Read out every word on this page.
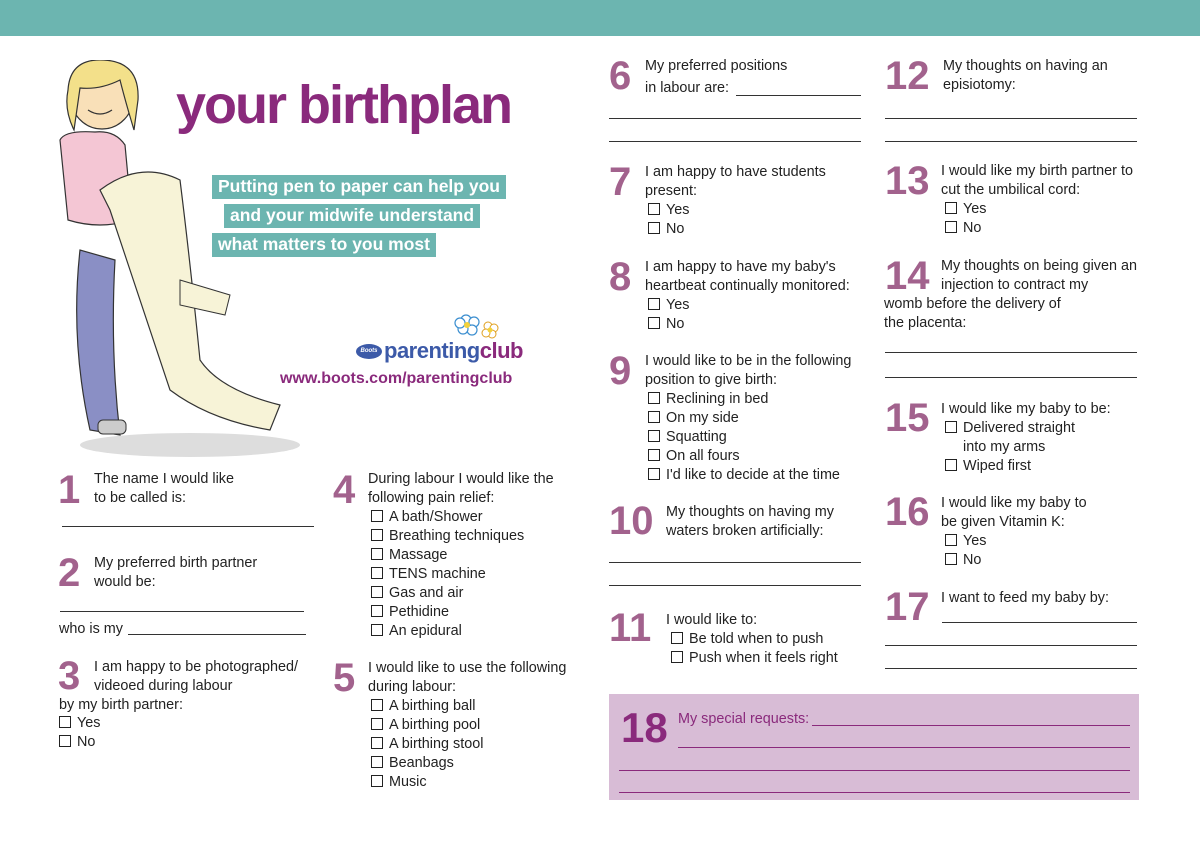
your birthplan
Putting pen to paper can help you
and your midwife understand
what matters to you most
Boots parentingclub
www.boots.com/parentingclub
1 The name I would like to be called is:
2 My preferred birth partner would be:
who is my
3 I am happy to be photographed/ videoed during labour
by my birth partner:
Yes
No
4 During labour I would like the following pain relief:
A bath/Shower
Breathing techniques
Massage
TENS machine
Gas and air
Pethidine
An epidural
5 I would like to use the following during labour:
A birthing ball
A birthing pool
A birthing stool
Beanbags
Music
6 My preferred positions
in labour are:
7 I am happy to have students present:
Yes
No
8 I am happy to have my baby's heartbeat continually monitored:
Yes
No
9 I would like to be in the following position to give birth:
Reclining in bed
On my side
Squatting
On all fours
I'd like to decide at the time
10 My thoughts on having my waters broken artificially:
11 I would like to:
Be told when to push
Push when it feels right
12 My thoughts on having an episiotomy:
13 I would like my birth partner to cut the umbilical cord:
Yes
No
14 My thoughts on being given an injection to contract my
womb before the delivery of the placenta:
15 I would like my baby to be:
Delivered straight into my arms
Wiped first
16 I would like my baby to be given Vitamin K:
Yes
No
17 I want to feed my baby by:
18 My special requests:
